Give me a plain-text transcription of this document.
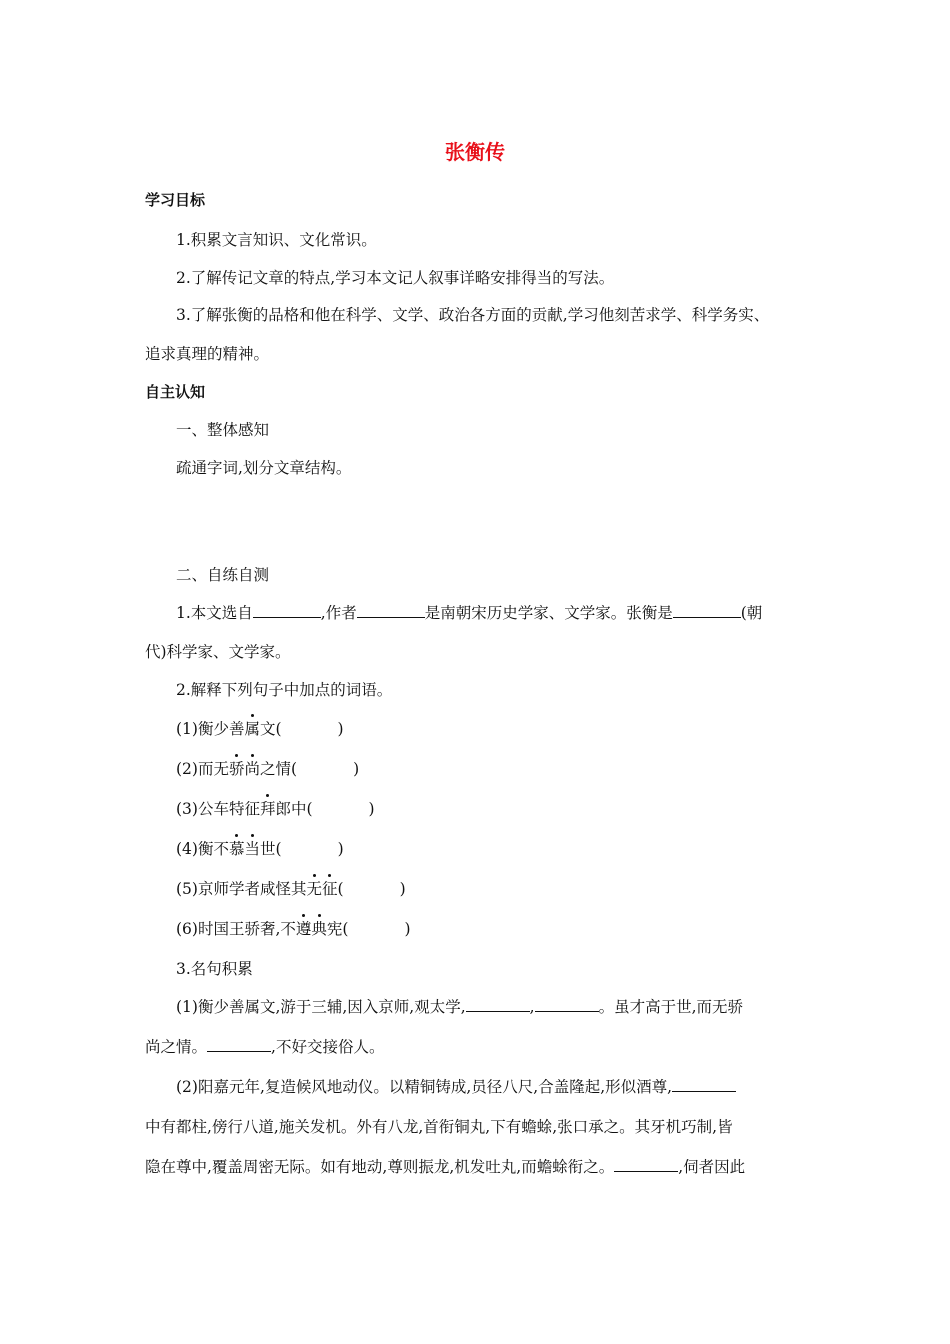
张衡传
学习目标
1.积累文言知识、文化常识。
2.了解传记文章的特点,学习本文记人叙事详略安排得当的写法。
3.了解张衡的品格和他在科学、文学、政治各方面的贡献,学习他刻苦求学、科学务实、
追求真理的精神。
自主认知
一、整体感知
疏通字词,划分文章结构。
二、自练自测
1.本文选自	,作者	是南朝宋历史学家、文学家。张衡是	(朝
代)科学家、文学家。
2.解释下列句子中加点的词语。
(1)衡少善属文(	)
(2)而无骄尚之情(	)
(3)公车特征拜郎中(	)
(4)衡不慕当世(	)
(5)京师学者咸怪其无征(	)
(6)时国王骄奢,不遵典宪(	)
3.名句积累
(1)衡少善属文,游于三辅,因入京师,观太学,	,	。虽才高于世,而无骄
尚之情。	,不好交接俗人。
(2)阳嘉元年,复造候风地动仪。以精铜铸成,员径八尺,合盖隆起,形似酒尊,
中有都柱,傍行八道,施关发机。外有八龙,首衔铜丸,下有蟾蜍,张口承之。其牙机巧制,皆
隐在尊中,覆盖周密无际。如有地动,尊则振龙,机发吐丸,而蟾蜍衔之。	,伺者因此
